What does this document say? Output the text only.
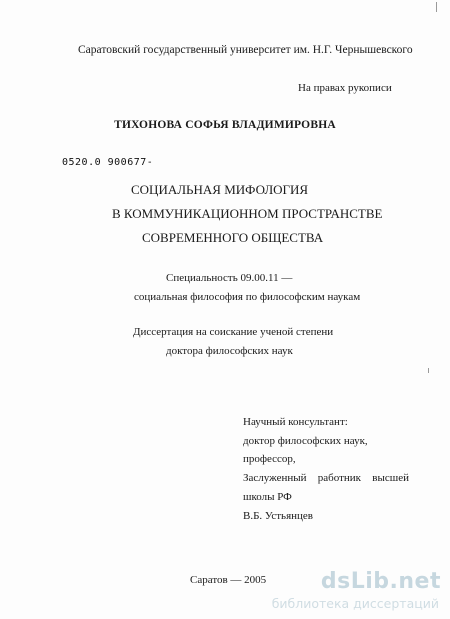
Саратовский государственный университет им. Н.Г. Чернышевского
На правах рукописи
ТИХОНОВА СОФЬЯ ВЛАДИМИРОВНА
0520.0 900677-
СОЦИАЛЬНАЯ МИФОЛОГИЯ
В КОММУНИКАЦИОННОМ ПРОСТРАНСТВЕ
СОВРЕМЕННОГО ОБЩЕСТВА
Специальность 09.00.11 —
социальная философия по философским наукам
Диссертация на соискание ученой степени
доктора философских наук
Научный консультант:
доктор философских наук,
профессор,
Заслуженный работник высшей
школы РФ
В.Б. Устьянцев
Саратов — 2005 dsLib.net
библиотека диссертаций
